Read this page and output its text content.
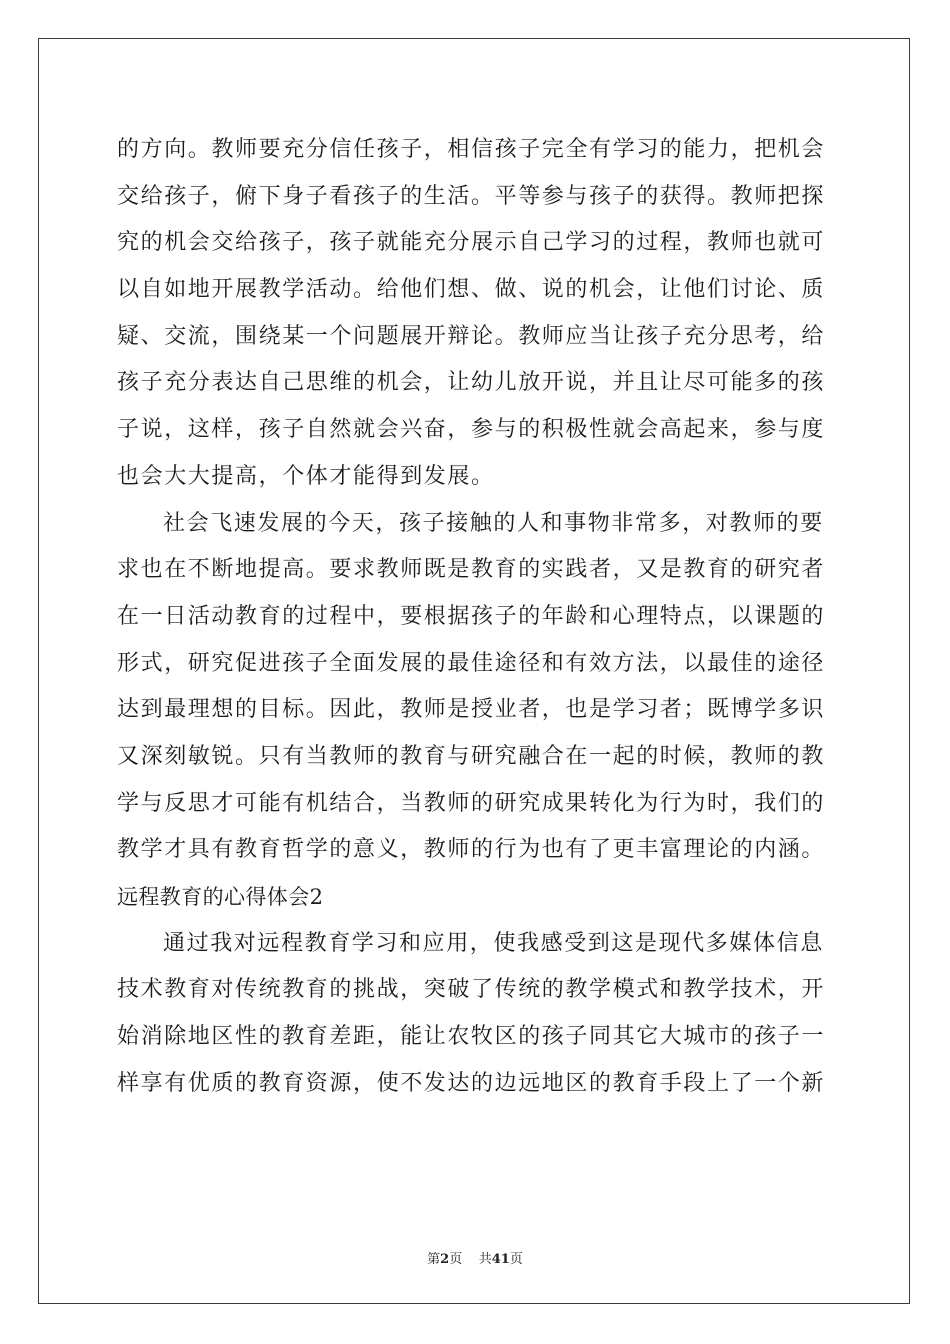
的方向。教师要充分信任孩子，相信孩子完全有学习的能力，把机会
交给孩子，俯下身子看孩子的生活。平等参与孩子的获得。教师把探
究的机会交给孩子，孩子就能充分展示自己学习的过程，教师也就可
以自如地开展教学活动。给他们想、做、说的机会，让他们讨论、质
疑、交流，围绕某一个问题展开辩论。教师应当让孩子充分思考，给
孩子充分表达自己思维的机会，让幼儿放开说，并且让尽可能多的孩
子说，这样，孩子自然就会兴奋，参与的积极性就会高起来，参与度
也会大大提高，个体才能得到发展。
社会飞速发展的今天，孩子接触的人和事物非常多，对教师的要
求也在不断地提高。要求教师既是教育的实践者，又是教育的研究者
在一日活动教育的过程中，要根据孩子的年龄和心理特点，以课题的
形式，研究促进孩子全面发展的最佳途径和有效方法，以最佳的途径
达到最理想的目标。因此，教师是授业者，也是学习者；既博学多识
又深刻敏锐。只有当教师的教育与研究融合在一起的时候，教师的教
学与反思才可能有机结合，当教师的研究成果转化为行为时，我们的
教学才具有教育哲学的意义，教师的行为也有了更丰富理论的内涵。
远程教育的心得体会2
通过我对远程教育学习和应用，使我感受到这是现代多媒体信息
技术教育对传统教育的挑战，突破了传统的教学模式和教学技术，开
始消除地区性的教育差距，能让农牧区的孩子同其它大城市的孩子一
样享有优质的教育资源，使不发达的边远地区的教育手段上了一个新
第2页 共41页
